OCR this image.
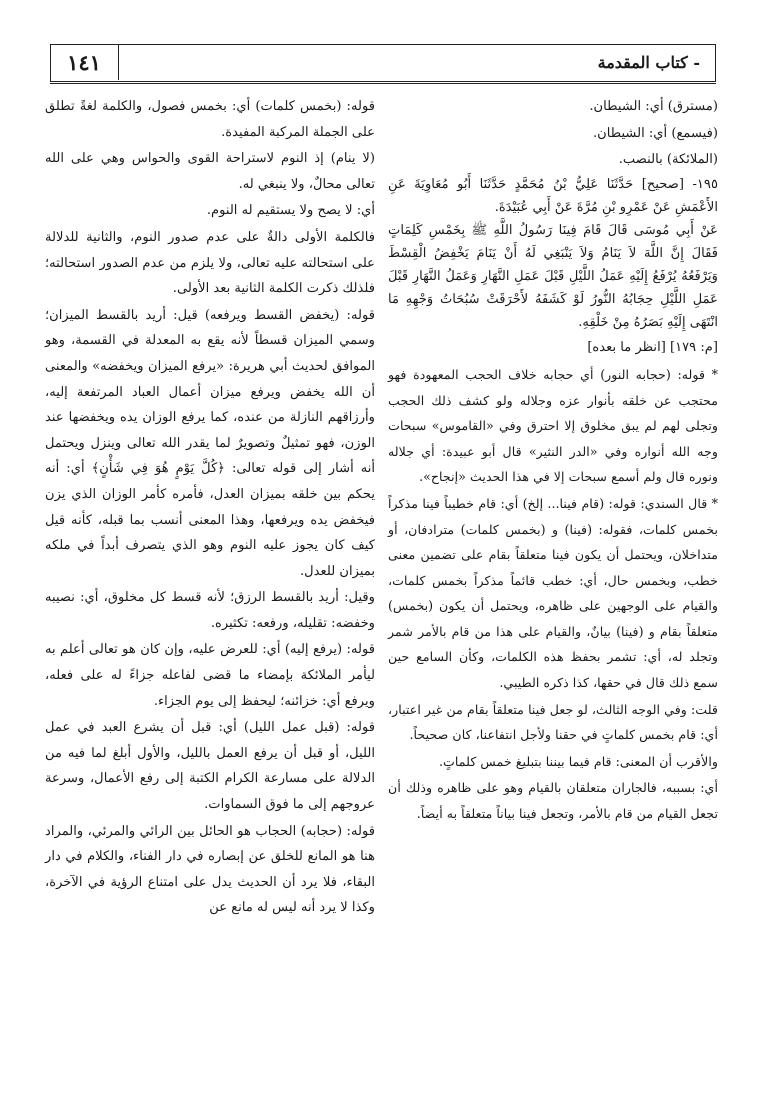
١٤١	- كتاب المقدمة

(مسترق) أي: الشيطان.

(فيسمع) أي: الشيطان.

(الملائكة) بالنصب.

١٩٥- [صحيح] حَدَّثَنَا عَلِيُّ بْنُ مُحَمَّدٍ حَدَّثَنَا أَبُو مُعَاوِيَةَ عَنِ الأَعْمَشِ عَنْ عَمْرِو بْنِ مُرَّةَ عَنْ أَبِي عُبَيْدَةَ.

عَنْ أَبِي مُوسَى قَالَ قَامَ فِينَا رَسُولُ اللَّهِ ﷺ بِخَمْسِ كَلِمَاتٍ فَقَالَ إِنَّ اللَّهَ لاَ يَنَامُ وَلاَ يَنْبَغِي لَهُ أَنْ يَنَامَ يَخْفِضُ الْقِسْطَ وَيَرْفَعُهُ يُرْفَعُ إِلَيْهِ عَمَلُ اللَّيْلِ قَبْلَ عَمَلِ النَّهَارِ وَعَمَلُ النَّهَارِ قَبْلَ عَمَلِ اللَّيْلِ حِجَابُهُ النُّورُ لَوْ كَشَفَهُ لأَحْرَقَتْ سُبُحَاتُ وَجْهِهِ مَا انْتَهَى إِلَيْهِ بَصَرُهُ مِنْ خَلْقِهِ.

[م: ١٧٩] [انظر ما بعده]

* قوله: (حجابه النور) أي حجابه خلاف الحجب المعهودة فهو محتجب عن خلقه بأنوار عزه وجلاله ولو كشف ذلك الحجب وتجلى لهم لم يبق مخلوق إلا احترق وفي «القاموس» سبحات وجه الله أنواره وفي «الدر النثير» قال أبو عبيدة: أي جلاله ونوره قال ولم أسمع سبحات إلا في هذا الحديث «إنجاح».

* قال السندي: قوله: (قام فينا... إلخ) أي: قام خطيباً فينا مذكراً بخمس كلمات، فقوله: (فينا) و (بخمس كلمات) مترادفان، أو متداخلان، ويحتمل أن يكون فينا متعلقاً بقام على تضمين معنى خطب، وبخمس حال، أي: خطب قائماً مذكراً بخمس كلمات، والقيام على الوجهين على ظاهره، ويحتمل أن يكون (بخمس) متعلقاً بقام و (فينا) بيانٌ، والقيام على هذا من قام بالأمر شمر وتجلد له، أي: تشمر بحفظ هذه الكلمات، وكأن السامع حين سمع ذلك قال في حقها، كذا ذكره الطيبي.

قلت: وفي الوجه الثالث، لو جعل فينا متعلقاً بقام من غير اعتبار، أي: قام بخمس كلماتٍ في حقنا ولأجل انتفاعنا، كان صحيحاً.

والأقرب أن المعنى: قام فيما بيننا بتبليغ خمس كلماتٍ.

أي: بسببه، فالجاران متعلقان بالقيام وهو على ظاهره وذلك أن تجعل القيام من قام بالأمر، وتجعل فينا بياناً متعلقاً به أيضاً.

قوله: (بخمس كلمات) أي: بخمس فصول، والكلمة لغةً تطلق على الجملة المركبة المفيدة.

(لا ينام) إذ النوم لاستراحة القوى والحواس وهي على الله تعالى محالٌ، ولا ينبغي له.

أي: لا يصح ولا يستقيم له النوم.

فالكلمة الأولى دالةٌ على عدم صدور النوم، والثانية للدلالة على استحالته عليه تعالى، ولا يلزم من عدم الصدور استحالته؛ فلذلك ذكرت الكلمة الثانية بعد الأولى.

قوله: (يخفض القسط ويرفعه) قيل: أريد بالقسط الميزان؛ وسمي الميزان قسطاً لأنه يقع به المعدلة في القسمة، وهو الموافق لحديث أبي هريرة: «يرفع الميزان ويخفضه» والمعنى أن الله يخفض ويرفع ميزان أعمال العباد المرتفعة إليه، وأرزاقهم النازلة من عنده، كما يرفع الوزان يده ويخفضها عند الوزن، فهو تمثيلٌ وتصويرٌ لما يقدر الله تعالى وينزل ويحتمل أنه أشار إلى قوله تعالى: ﴿كُلَّ يَوْمٍ هُوَ فِي شَأْنٍ﴾ أي: أنه يحكم بين خلقه بميزان العدل، فأمره كأمر الوزان الذي يزن فيخفض يده ويرفعها، وهذا المعنى أنسب بما قبله، كأنه قيل كيف كان يجوز عليه النوم وهو الذي يتصرف أبداً في ملكه بميزان للعدل.

وقيل: أريد بالقسط الرزق؛ لأنه قسط كل مخلوق، أي: نصيبه وخفضه: تقليله، ورفعه: تكثيره.

قوله: (يرفع إليه) أي: للعرض عليه، وإن كان هو تعالى أعلم به ليأمر الملائكة بإمضاء ما قضى لفاعله جزاءً له على فعله، ويرفع أي: خزائنه؛ ليحفظ إلى يوم الجزاء.

قوله: (قبل عمل الليل) أي: قبل أن يشرع العبد في عمل الليل، أو قبل أن يرفع العمل بالليل، والأول أبلغ لما فيه من الدلالة على مسارعة الكرام الكتبة إلى رفع الأعمال، وسرعة عروجهم إلى ما فوق السماوات.

قوله: (حجابه) الحجاب هو الحائل بين الرائي والمرئي، والمراد هنا هو المانع للخلق عن إبصاره في دار الفناء، والكلام في دار البقاء، فلا يرد أن الحديث يدل على امتناع الرؤية في الآخرة، وكذا لا يرد أنه ليس له مانع عن
